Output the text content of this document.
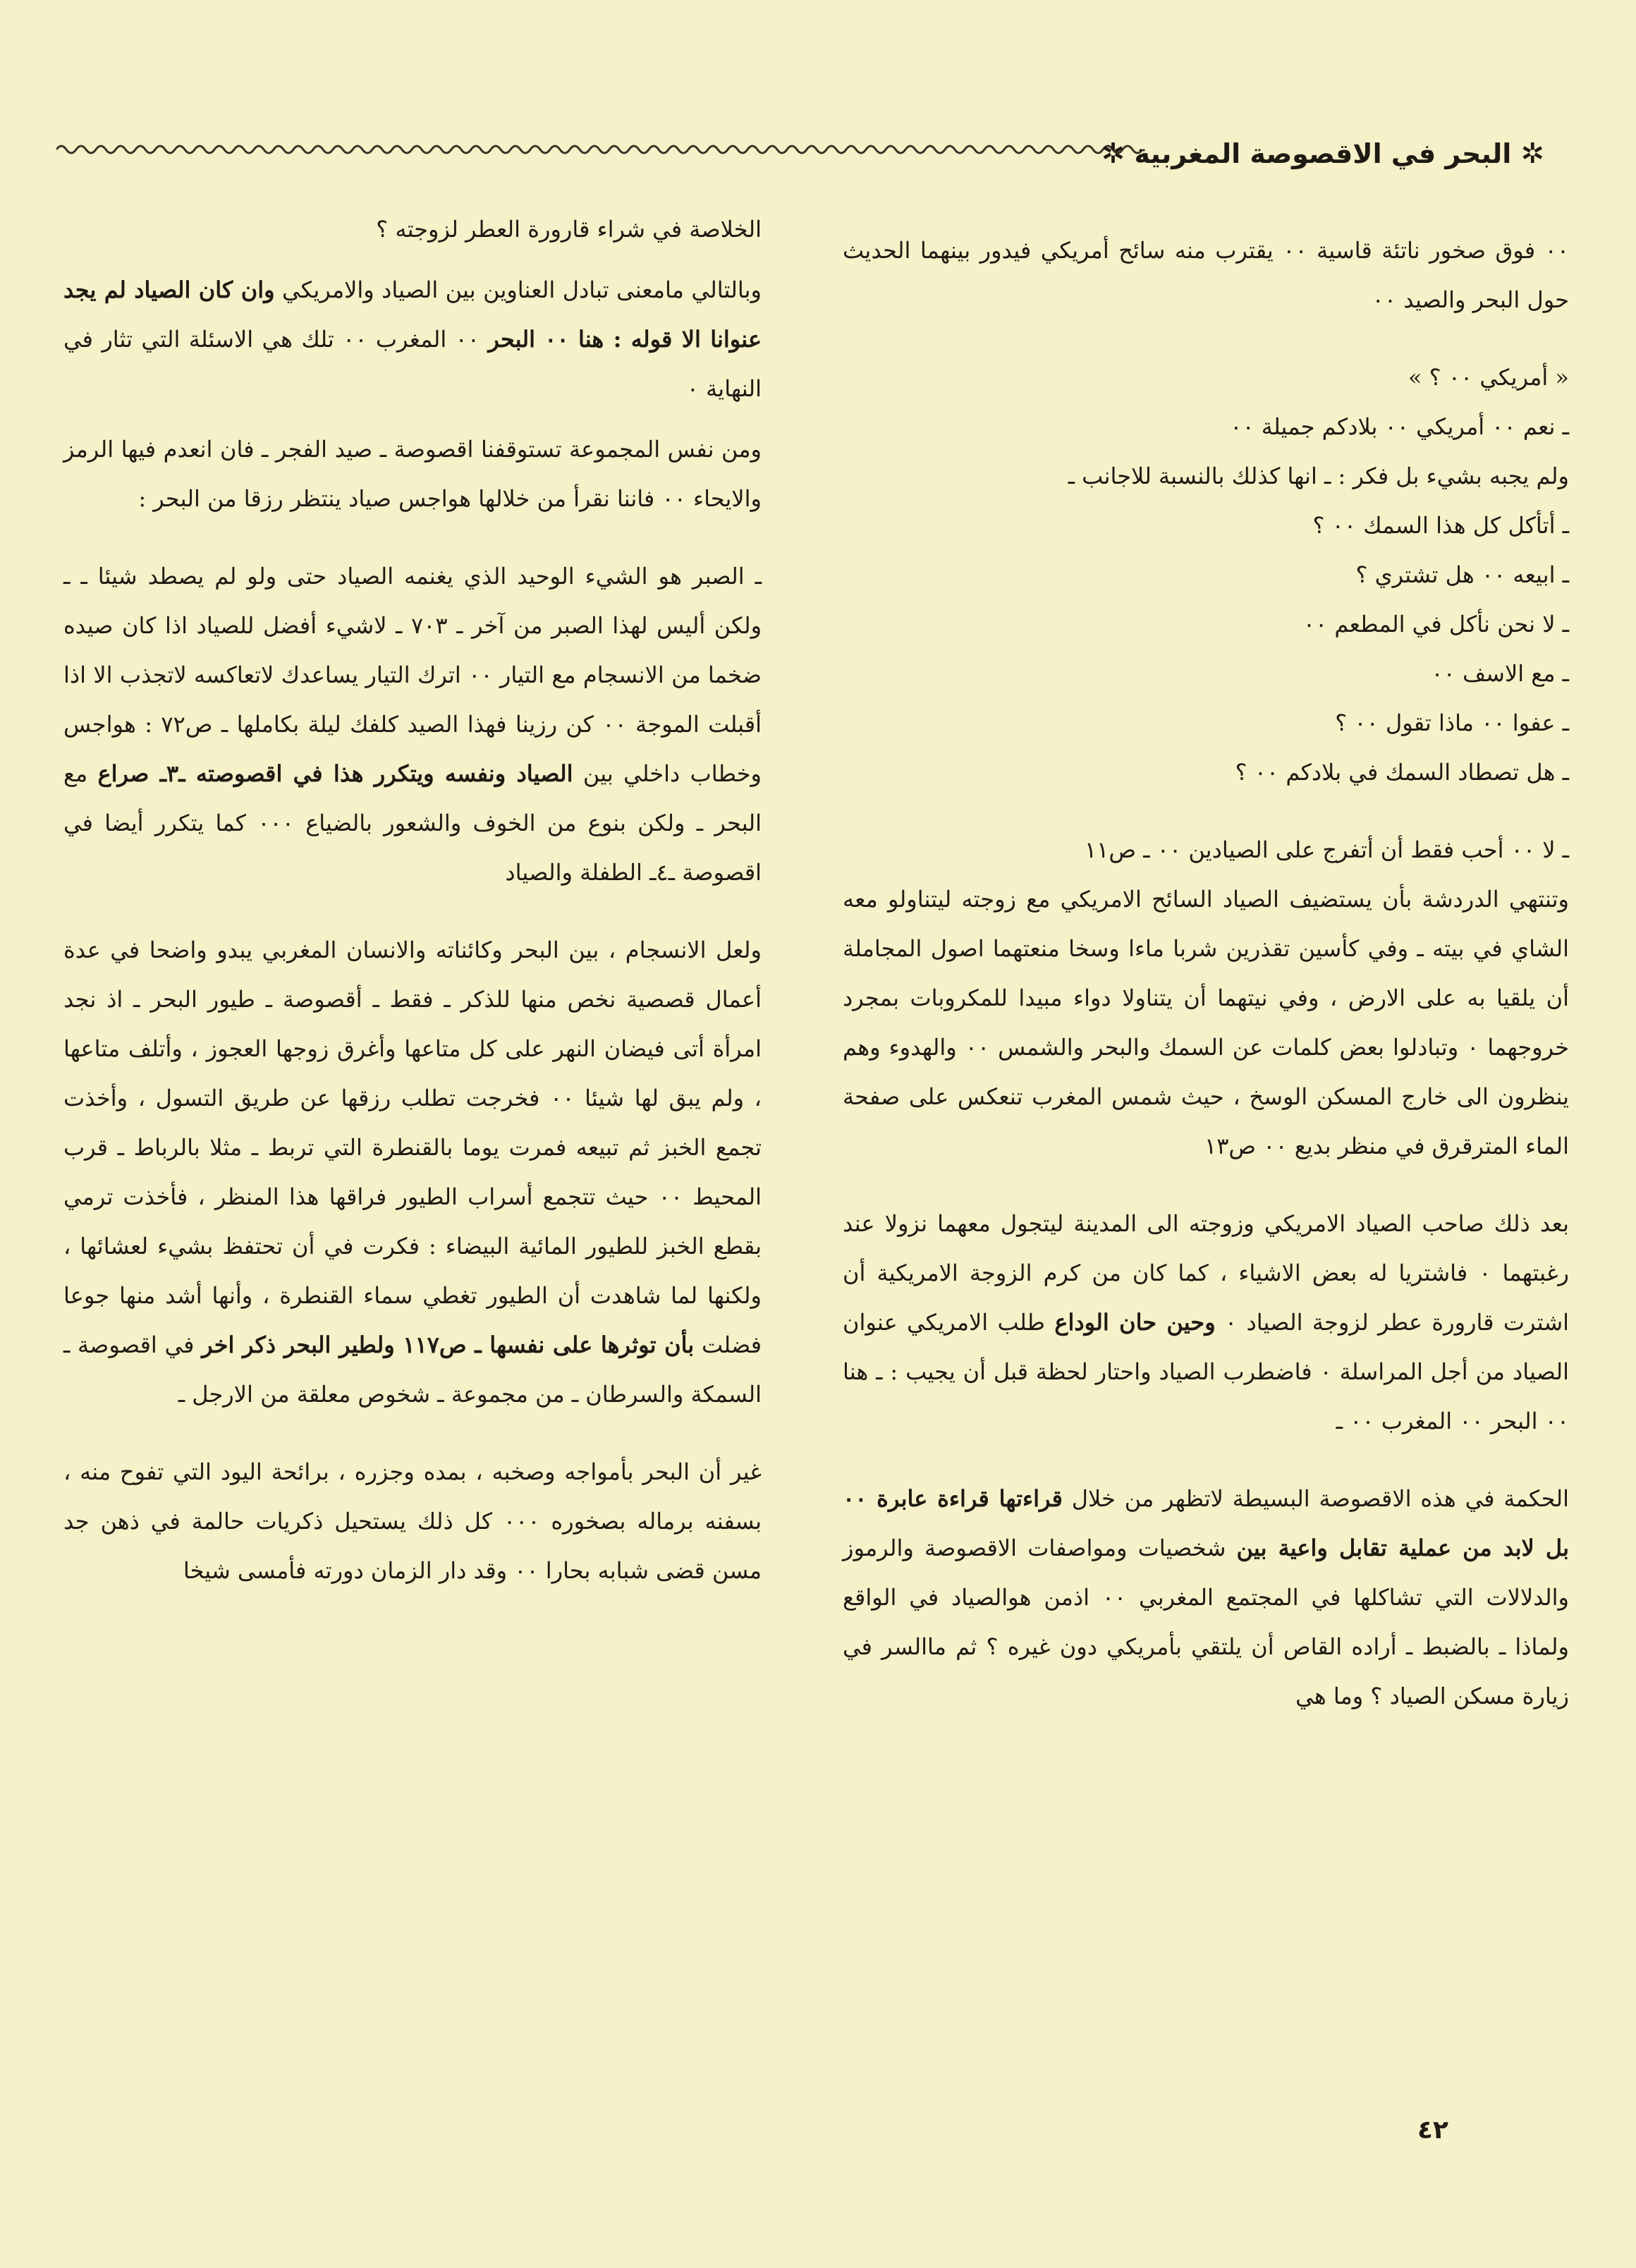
✲ البحر في الاقصوصة المغربية ✲

٠٠ فوق صخور ناتئة قاسية ٠٠ يقترب منه سائح أمريكي فيدور بينهما الحديث حول البحر والصيد ٠٠

« أمريكي ٠٠ ؟ »

ـ نعم ٠٠ أمريكي ٠٠ بلادكم جميلة ٠٠

ولم يجبه بشيء بل فكر : ـ انها كذلك بالنسبة للاجانب ـ

ـ أتأكل كل هذا السمك ٠٠ ؟

ـ ابيعه ٠٠ هل تشتري ؟

ـ لا نحن نأكل في المطعم ٠٠

ـ مع الاسف ٠٠

ـ عفوا ٠٠ ماذا تقول ٠٠ ؟

ـ هل تصطاد السمك في بلادكم ٠٠ ؟

ـ لا ٠٠ أحب فقط أن أتفرج على الصيادين ٠٠ ـ ص١١

وتنتهي الدردشة بأن يستضيف الصياد السائح الامريكي مع زوجته ليتناولو معه الشاي في بيته ـ وفي كأسين تقذرين شربا ماءا وسخا منعتهما اصول المجاملة أن يلقيا به على الارض ، وفي نيتهما أن يتناولا دواء مبيدا للمكروبات بمجرد خروجهما ٠ وتبادلوا بعض كلمات عن السمك والبحر والشمس ٠٠ والهدوء وهم ينظرون الى خارج المسكن الوسخ ، حيث شمس المغرب تنعكس على صفحة الماء المترقرق في منظر بديع ٠٠ ص١٣

بعد ذلك صاحب الصياد الامريكي وزوجته الى المدينة ليتجول معهما نزولا عند رغبتهما ٠ فاشتريا له بعض الاشياء ، كما كان من كرم الزوجة الامريكية أن اشترت قارورة عطر لزوجة الصياد ٠ وحين حان الوداع طلب الامريكي عنوان الصياد من أجل المراسلة ٠ فاضطرب الصياد واحتار لحظة قبل أن يجيب : ـ هنا ٠٠ البحر ٠٠ المغرب ٠٠ ـ

الحكمة في هذه الاقصوصة البسيطة لاتظهر من خلال قراءتها قراءة عابرة ٠٠ بل لابد من عملية تقابل واعية بين شخصيات ومواصفات الاقصوصة والرموز والدلالات التي تشاكلها في المجتمع المغربي ٠٠ اذمن هوالصياد في الواقع ولماذا ـ بالضبط ـ أراده القاص أن يلتقي بأمريكي دون غيره ؟ ثم ماالسر في زيارة مسكن الصياد ؟ وما هي

الخلاصة في شراء قارورة العطر لزوجته ؟

وبالتالي مامعنى تبادل العناوين بين الصياد والامريكي وان كان الصياد لم يجد عنوانا الا قوله : هنا ٠٠ البحر ٠٠ المغرب ٠٠ تلك هي الاسئلة التي تثار في النهاية ٠

ومن نفس المجموعة تستوقفنا اقصوصة ـ صيد الفجر ـ فان انعدم فيها الرمز والايحاء ٠٠ فاننا نقرأ من خلالها هواجس صياد ينتظر رزقا من البحر :

ـ الصبر هو الشيء الوحيد الذي يغنمه الصياد حتى ولو لم يصطد شيئا ـ ـ ولكن أليس لهذا الصبر من آخر ـ ٧٠٣ ـ لاشيء أفضل للصياد اذا كان صيده ضخما من الانسجام مع التيار ٠٠ اترك التيار يساعدك لاتعاكسه لاتجذب الا اذا أقبلت الموجة ٠٠ كن رزينا فهذا الصيد كلفك ليلة بكاملها ـ ص٧٢ : هواجس وخطاب داخلي بين الصياد ونفسه ويتكرر هذا في اقصوصته ـ٣ـ صراع مع البحر ـ ولكن بنوع من الخوف والشعور بالضياع ٠٠٠ كما يتكرر أيضا في اقصوصة ـ٤ـ الطفلة والصياد

ولعل الانسجام ، بين البحر وكائناته والانسان المغربي يبدو واضحا في عدة أعمال قصصية نخص منها للذكر ـ فقط ـ أقصوصة ـ طيور البحر ـ اذ نجد امرأة أتى فيضان النهر على كل متاعها وأغرق زوجها العجوز ، وأتلف متاعها ، ولم يبق لها شيئا ٠٠ فخرجت تطلب رزقها عن طريق التسول ، وأخذت تجمع الخبز ثم تبيعه فمرت يوما بالقنطرة التي تربط ـ مثلا بالرباط ـ قرب المحيط ٠٠ حيث تتجمع أسراب الطيور فراقها هذا المنظر ، فأخذت ترمي بقطع الخبز للطيور المائية البيضاء : فكرت في أن تحتفظ بشيء لعشائها ، ولكنها لما شاهدت أن الطيور تغطي سماء القنطرة ، وأنها أشد منها جوعا فضلت بأن توثرها على نفسها ـ ص١١٧ ولطير البحر ذكر اخر في اقصوصة ـ السمكة والسرطان ـ من مجموعة ـ شخوص معلقة من الارجل ـ

غير أن البحر بأمواجه وصخبه ، بمده وجزره ، برائحة اليود التي تفوح منه ، بسفنه برماله بصخوره ٠٠٠ كل ذلك يستحيل ذكريات حالمة في ذهن جد مسن قضى شبابه بحارا ٠٠ وقد دار الزمان دورته فأمسى شيخا

٤٢
